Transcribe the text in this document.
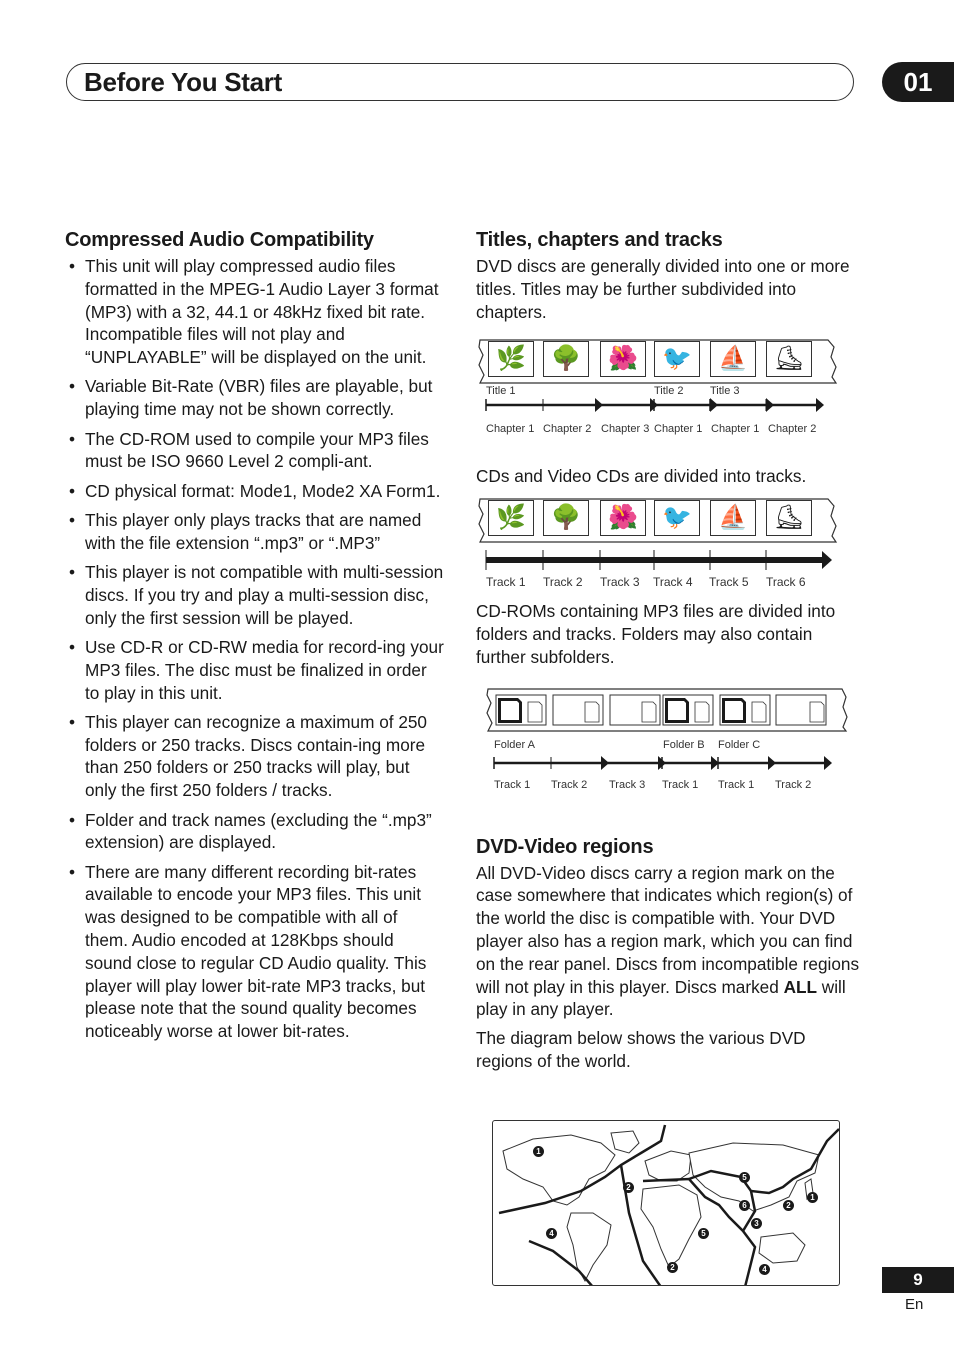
Before You Start	01
Compressed Audio Compatibility
• This unit will play compressed audio files formatted in the MPEG-1 Audio Layer 3 format (MP3) with a 32, 44.1 or 48kHz fixed bit rate. Incompatible files will not play and “UNPLAYABLE” will be displayed on the unit.
• Variable Bit-Rate (VBR) files are playable, but playing time may not be shown correctly.
• The CD-ROM used to compile your MP3 files must be ISO 9660 Level 2 compli-ant.
• CD physical format: Mode1, Mode2 XA Form1.
• This player only plays tracks that are named with the file extension “.mp3” or “.MP3”
• This player is not compatible with multi-session discs. If you try and play a multi-session disc, only the first session will be played.
• Use CD-R or CD-RW media for record-ing your MP3 files. The disc must be finalized in order to play in this unit.
• This player can recognize a maximum of 250 folders or 250 tracks. Discs contain-ing more than 250 folders or 250 tracks will play, but only the first 250 folders / tracks.
• Folder and track names (excluding the “.mp3” extension) are displayed.
• There are many different recording bit-rates available to encode your MP3 files. This unit was designed to be compatible with all of them. Audio encoded at 128Kbps should sound close to regular CD Audio quality. This player will play lower bit-rate MP3 tracks, but please note that the sound quality becomes noticeably worse at lower bit-rates.
Titles, chapters and tracks

DVD discs are generally divided into one or more titles. Titles may be further subdivided into chapters.

🌿	🌳	🌺	🐦	⛵	⛸
Title 1	Title 2 Title 3
Chapter 1 Chapter 2 Chapter 3 Chapter 1 Chapter 1 Chapter 2

CDs and Video CDs are divided into tracks.

🌿	🌳	🌺	🐦	⛵	⛸
Track 1 Track 2 Track 3 Track 4 Track 5 Track 6

CD-ROMs containing MP3 files are divided into folders and tracks. Folders may also contain further subfolders.

Folder A	Folder B Folder C
Track 1 Track 2 Track 3 Track 1 Track 1 Track 2
DVD-Video regions

All DVD-Video discs carry a region mark on the case somewhere that indicates which region(s) of the world the disc is compatible with. Your DVD player also has a region mark, which you can find on the rear panel. Discs from incompatible regions will not play in this player. Discs marked ALL will play in any player.

The diagram below shows the various DVD regions of the world.

1
2
5
1
6	2
3
4	5
2	4
9
En
